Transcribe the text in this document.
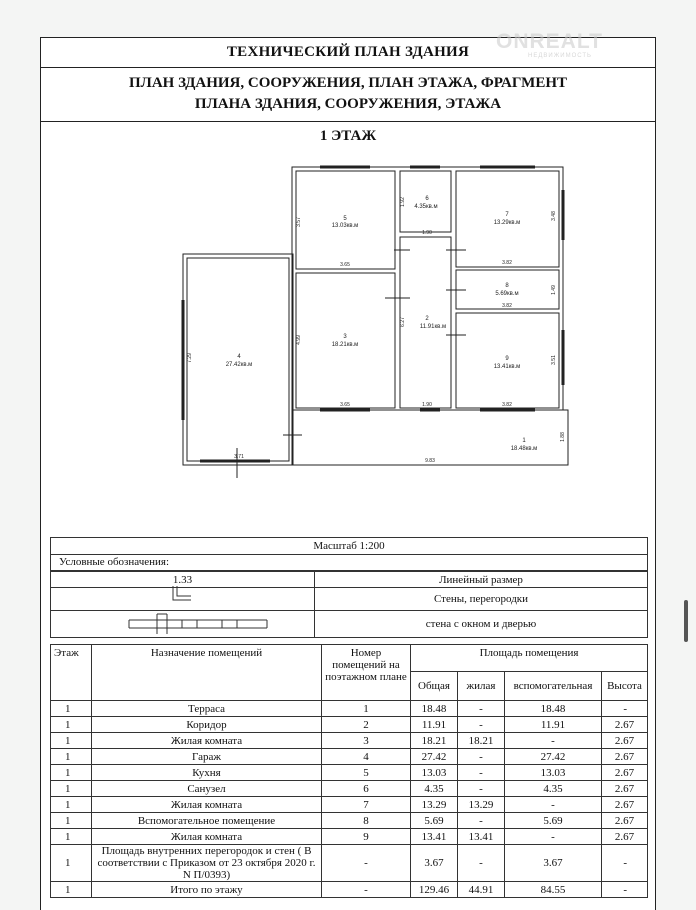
ТЕХНИЧЕСКИЙ ПЛАН ЗДАНИЯ
ПЛАН ЗДАНИЯ, СООРУЖЕНИЯ, ПЛАН ЭТАЖА, ФРАГМЕНТ
ПЛАНА ЗДАНИЯ, СООРУЖЕНИЯ, ЭТАЖА
1 ЭТАЖ
ONREALT
НЕДВИЖИМОСТЬ
1
18.48кв.м
2
11.91кв.м
3
18.21кв.м
4
27.42кв.м
5
13.03кв.м
6
4.35кв.м
7
13.29кв.м
8
5.69кв.м
9
13.41кв.м
3.65
3.57
1.92
1.90
3.82
3.48
3.82
1.49
3.65
4.99
6.27
1.90	3.82
3.51
7.29
3.71
9.83
1.88
Масштаб 1:200
Условные обозначения:
1.33	Линейный размер

	Стены, перегородки

	стена с окном и дверью
Этаж	Назначение помещений	Номер помещений на поэтажном плане	Площадь помещения			
			Общая	жилая	вспомогательная	Высота
1	Терраса	1	18.48	-	18.48	-
1	Коридор	2	11.91	-	11.91	2.67
1	Жилая комната	3	18.21	18.21	-	2.67
1	Гараж	4	27.42	-	27.42	2.67
1	Кухня	5	13.03	-	13.03	2.67
1	Санузел	6	4.35	-	4.35	2.67
1	Жилая комната	7	13.29	13.29	-	2.67
1	Вспомогательное помещение	8	5.69	-	5.69	2.67
1	Жилая комната	9	13.41	13.41	-	2.67
1	Площадь внутренних перегородок и стен ( В соответствии с Приказом от 23 октября 2020 г. N П/0393)	-	3.67	-	3.67	-
1	Итого по этажу	-	129.46	44.91	84.55	-
